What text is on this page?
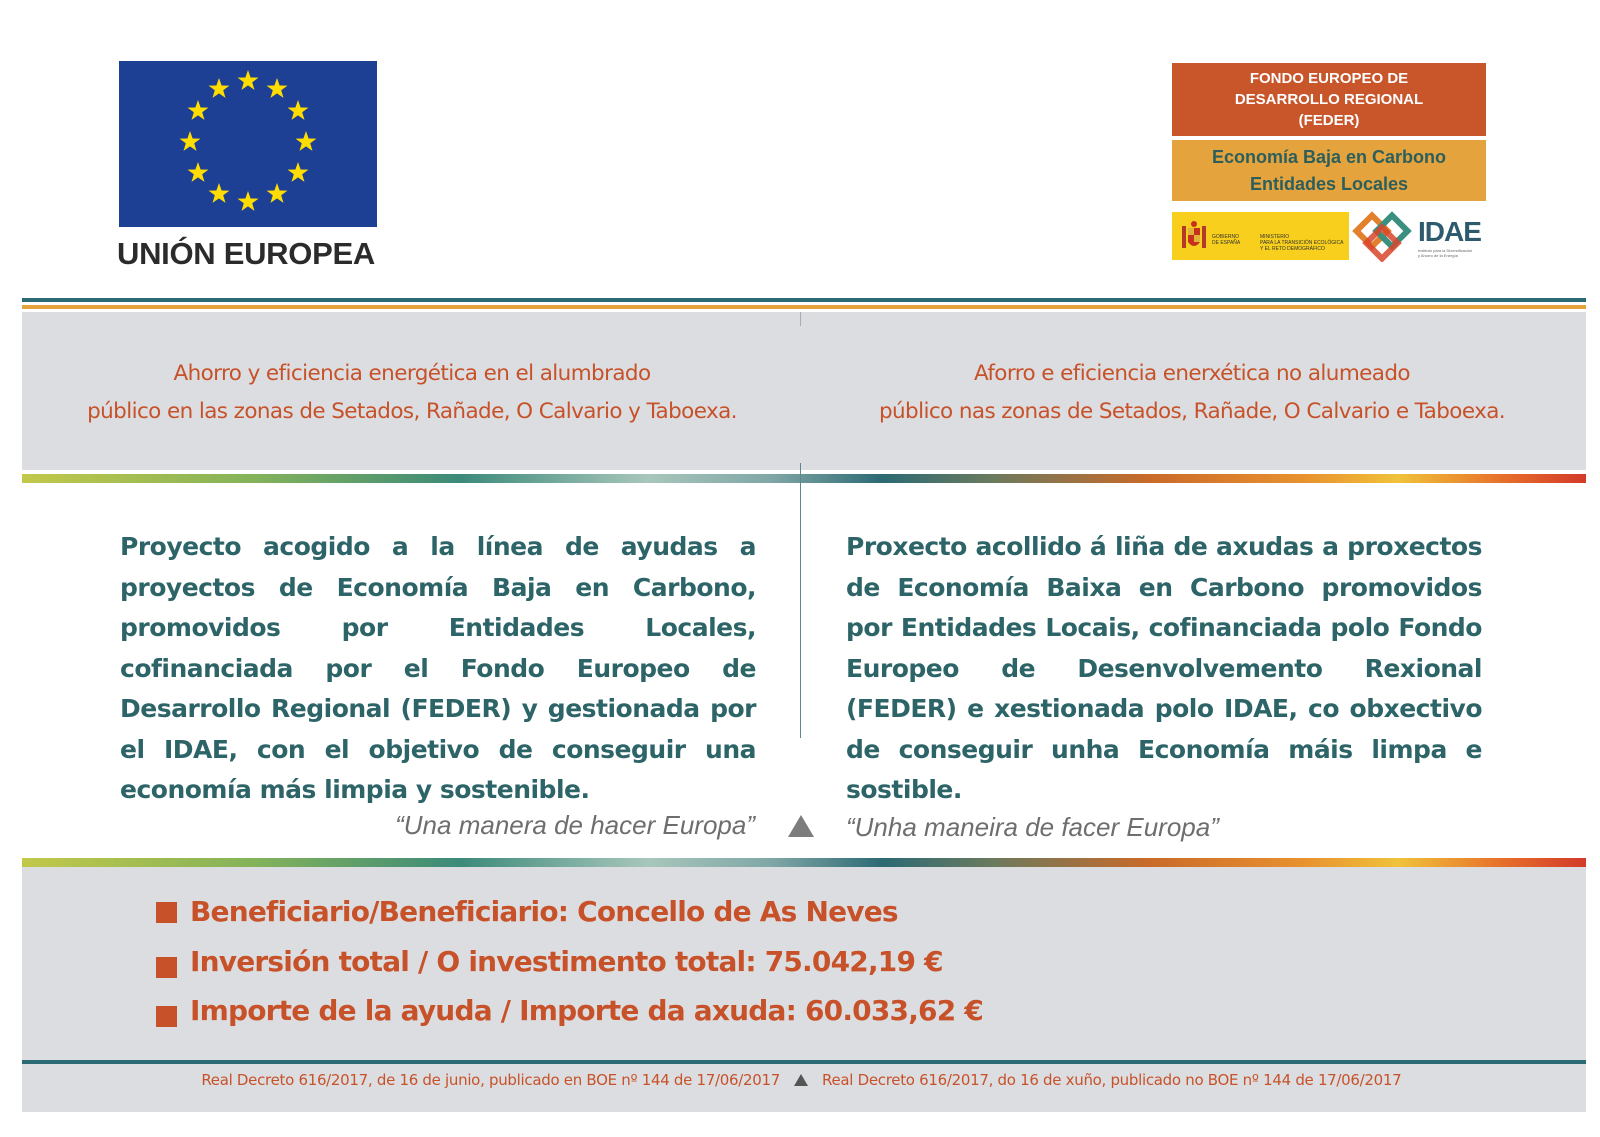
UNIÓN EUROPEA
FONDO EUROPEO DE
DESARROLLO REGIONAL
(FEDER)
Economía Baja en Carbono
Entidades Locales
GOBIERNO
DE ESPAÑA
MINISTERIO
PARA LA TRANSICIÓN ECOLÓGICA
Y EL RETO DEMOGRÁFICO
IDAE
Instituto para la Diversificación
y Ahorro de la Energía
Ahorro y eficiencia energética en el alumbrado
público en las zonas de Setados, Rañade, O Calvario y Taboexa.
Aforro e eficiencia enerxética no alumeado
público nas zonas de Setados, Rañade, O Calvario e Taboexa.
Proyecto acogido a la línea de ayudas a proyectos de Economía Baja en Carbono, promovidos por Entidades Locales, cofinanciada por el Fondo Europeo de Desarrollo Regional (FEDER) y gestionada por el IDAE, con el objetivo de conseguir una economía más limpia y sostenible.
Proxecto acollido á liña de axudas a proxectos de Economía Baixa en Carbono promovidos por Entidades Locais, cofinanciada polo Fondo Europeo de Desenvolvemento Rexional (FEDER) e xestionada polo IDAE, co obxectivo de conseguir unha Economía máis limpa e sostible.
“Una manera de hacer Europa”	“Unha maneira de facer Europa”
Beneficiario/Beneficiario: Concello de As Neves
Inversión total / O investimento total: 75.042,19 €
Importe de la ayuda / Importe da axuda: 60.033,62 €
Real Decreto 616/2017, de 16 de junio, publicado en BOE nº 144 de 17/06/2017	Real Decreto 616/2017, do 16 de xuño, publicado no BOE nº 144 de 17/06/2017
